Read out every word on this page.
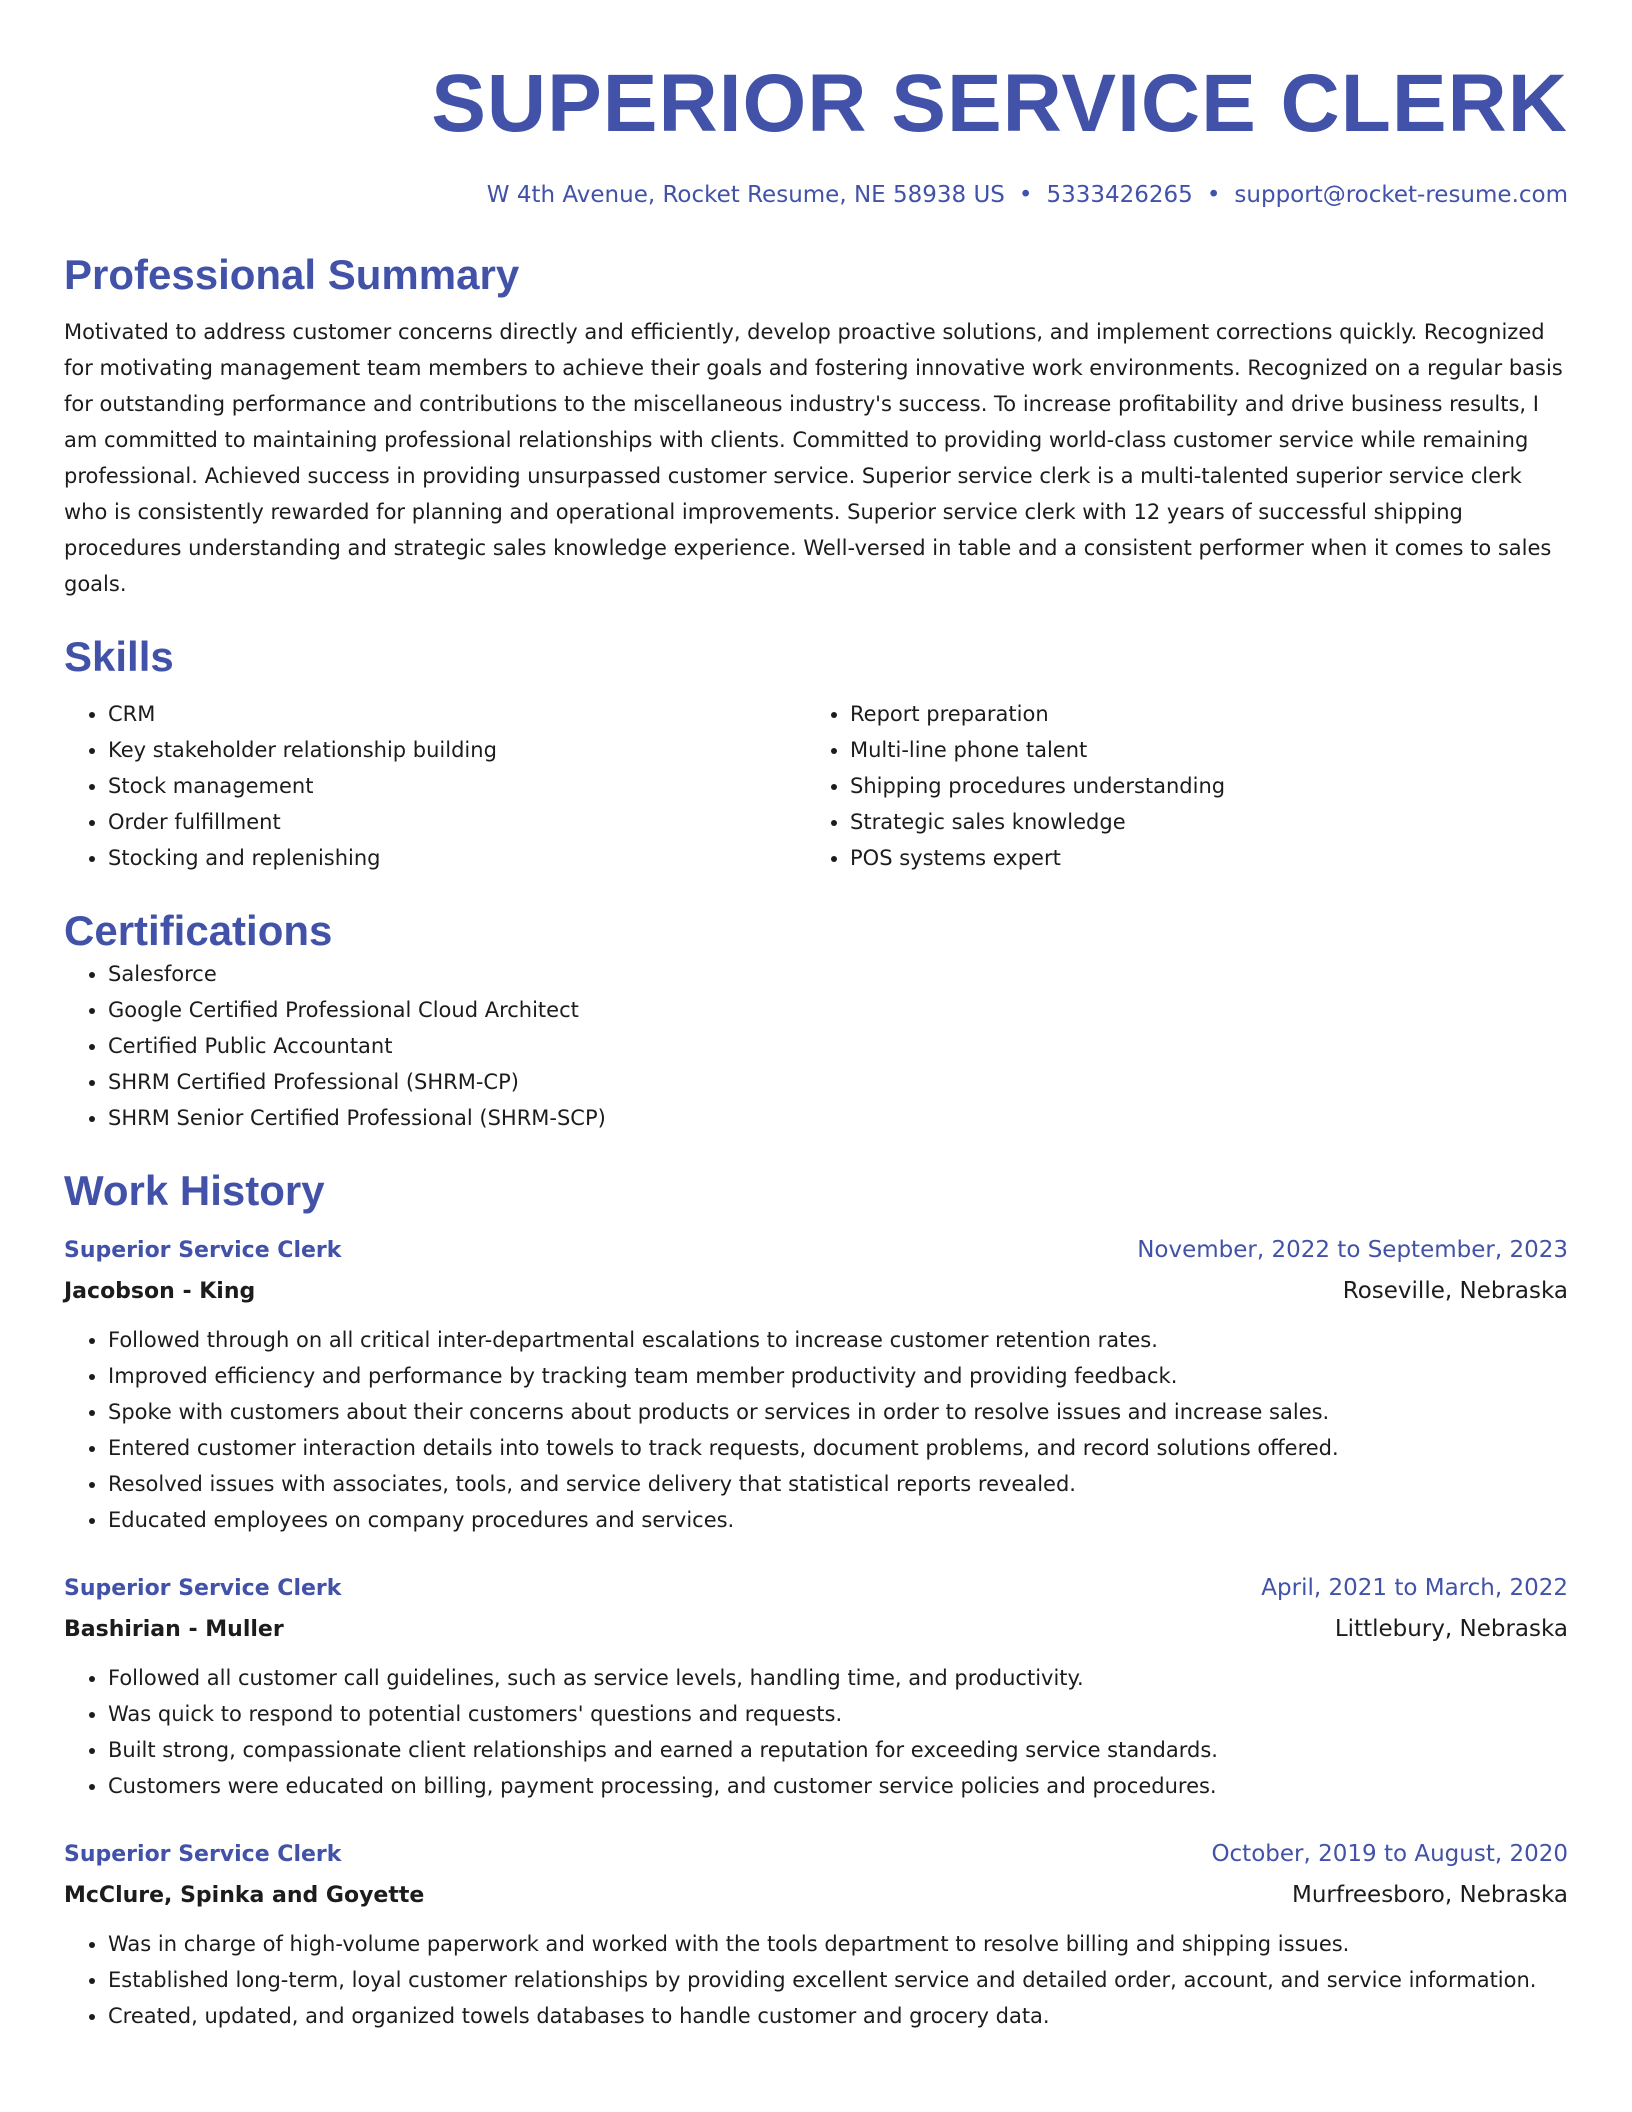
SUPERIOR SERVICE CLERK
W 4th Avenue, Rocket Resume, NE 58938 US • 5333426265 • support@rocket-resume.com
Professional Summary

Motivated to address customer concerns directly and efficiently, develop proactive solutions, and implement corrections quickly. Recognized for motivating management team members to achieve their goals and fostering innovative work environments. Recognized on a regular basis for outstanding performance and contributions to the miscellaneous industry's success. To increase profitability and drive business results, I am committed to maintaining professional relationships with clients. Committed to providing world-class customer service while remaining professional. Achieved success in providing unsurpassed customer service. Superior service clerk is a multi-talented superior service clerk who is consistently rewarded for planning and operational improvements. Superior service clerk with 12 years of successful shipping procedures understanding and strategic sales knowledge experience. Well-versed in table and a consistent performer when it comes to sales goals.

Skills
• CRM
• Key stakeholder relationship building
• Stock management
• Order fulfillment
• Stocking and replenishing
• Report preparation
• Multi-line phone talent
• Shipping procedures understanding
• Strategic sales knowledge
• POS systems expert
Certifications
• Salesforce
• Google Certified Professional Cloud Architect
• Certified Public Accountant
• SHRM Certified Professional (SHRM-CP)
• SHRM Senior Certified Professional (SHRM-SCP)
Work History
Superior Service Clerk	November, 2022 to September, 2023
Jacobson - King	Roseville, Nebraska
• Followed through on all critical inter-departmental escalations to increase customer retention rates.
• Improved efficiency and performance by tracking team member productivity and providing feedback.
• Spoke with customers about their concerns about products or services in order to resolve issues and increase sales.
• Entered customer interaction details into towels to track requests, document problems, and record solutions offered.
• Resolved issues with associates, tools, and service delivery that statistical reports revealed.
• Educated employees on company procedures and services.
Superior Service Clerk	April, 2021 to March, 2022
Bashirian - Muller	Littlebury, Nebraska
• Followed all customer call guidelines, such as service levels, handling time, and productivity.
• Was quick to respond to potential customers' questions and requests.
• Built strong, compassionate client relationships and earned a reputation for exceeding service standards.
• Customers were educated on billing, payment processing, and customer service policies and procedures.
Superior Service Clerk	October, 2019 to August, 2020
McClure, Spinka and Goyette	Murfreesboro, Nebraska
• Was in charge of high-volume paperwork and worked with the tools department to resolve billing and shipping issues.
• Established long-term, loyal customer relationships by providing excellent service and detailed order, account, and service information.
• Created, updated, and organized towels databases to handle customer and grocery data.
